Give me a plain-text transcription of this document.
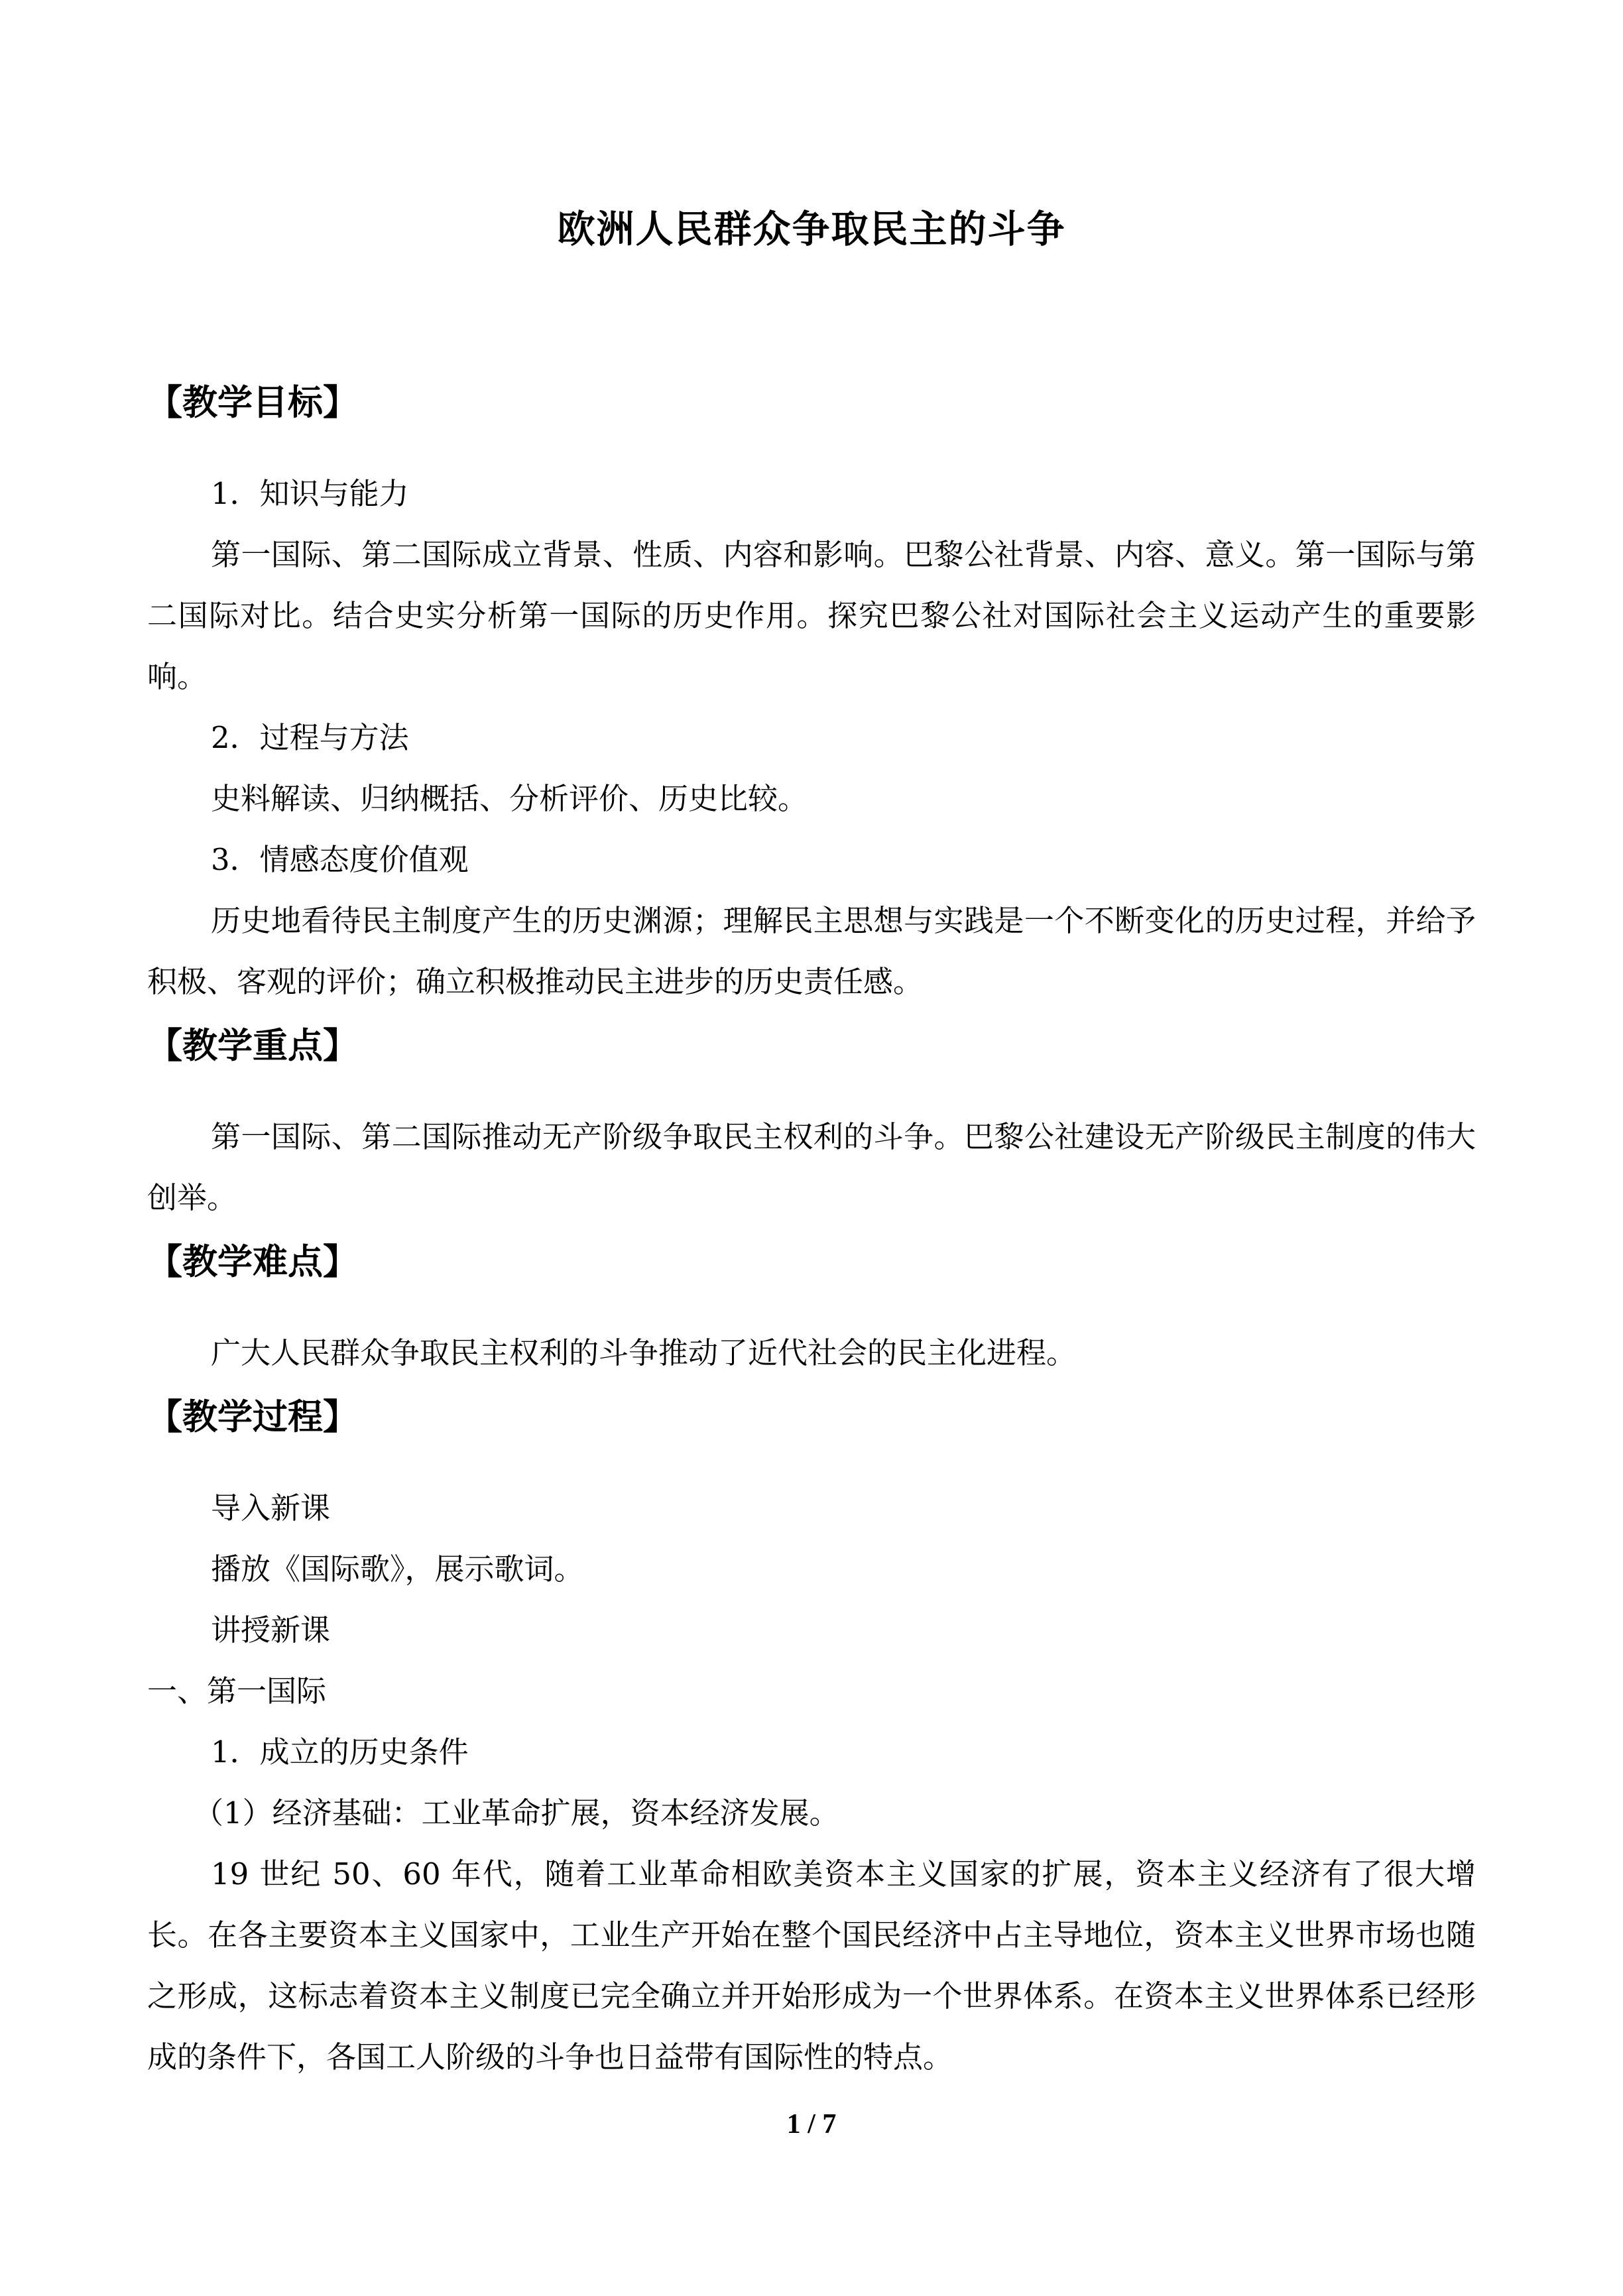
欧洲人民群众争取民主的斗争
【教学目标】

1．知识与能力

第一国际、第二国际成立背景、性质、内容和影响。巴黎公社背景、内容、意义。第一国际与第二国际对比。结合史实分析第一国际的历史作用。探究巴黎公社对国际社会主义运动产生的重要影响。

2．过程与方法

史料解读、归纳概括、分析评价、历史比较。

3．情感态度价值观

历史地看待民主制度产生的历史渊源；理解民主思想与实践是一个不断变化的历史过程，并给予积极、客观的评价；确立积极推动民主进步的历史责任感。

【教学重点】

第一国际、第二国际推动无产阶级争取民主权利的斗争。巴黎公社建设无产阶级民主制度的伟大创举。

【教学难点】

广大人民群众争取民主权利的斗争推动了近代社会的民主化进程。

【教学过程】

导入新课

播放《国际歌》，展示歌词。

讲授新课

一、第一国际

1．成立的历史条件

（1）经济基础：工业革命扩展，资本经济发展。

19 世纪 50、60 年代，随着工业革命相欧美资本主义国家的扩展，资本主义经济有了很大增长。在各主要资本主义国家中，工业生产开始在整个国民经济中占主导地位，资本主义世界市场也随之形成，这标志着资本主义制度已完全确立并开始形成为一个世界体系。在资本主义世界体系已经形成的条件下，各国工人阶级的斗争也日益带有国际性的特点。

1 / 7
